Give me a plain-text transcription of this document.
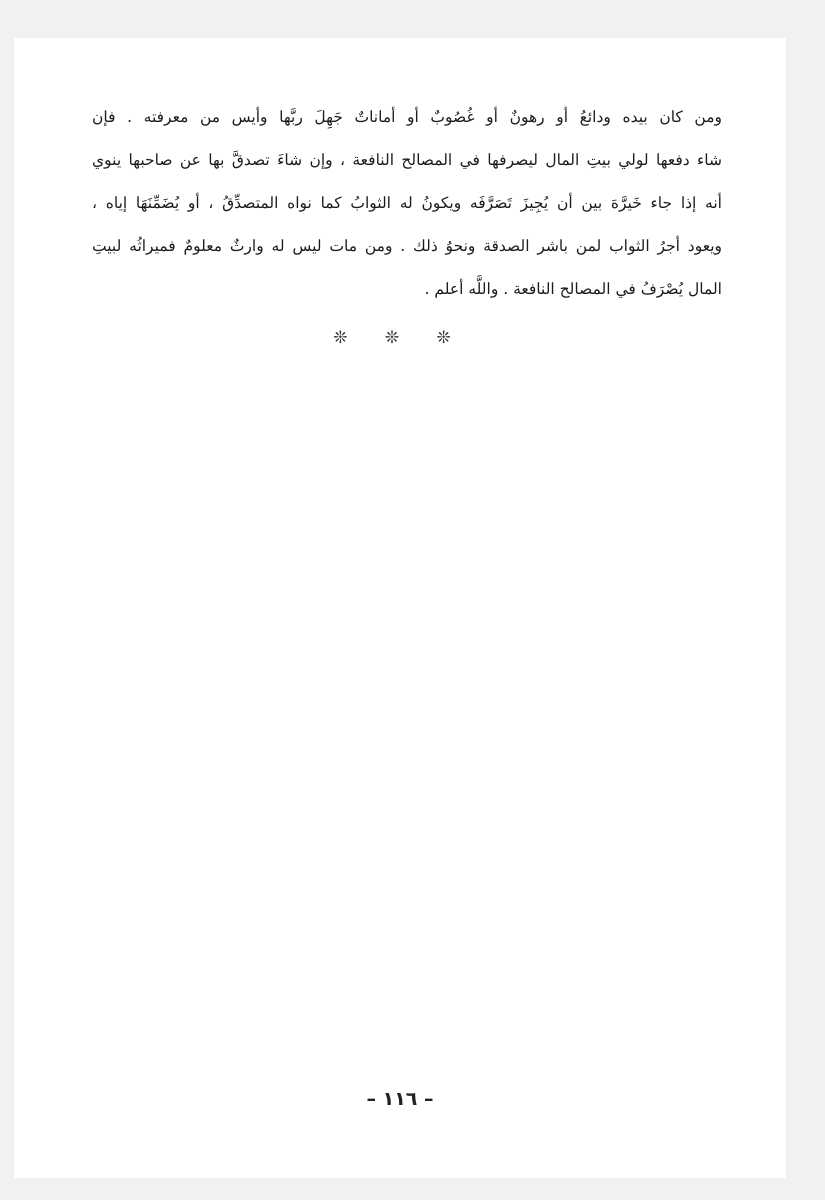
ومن كان بيده ودائعُ أو رهونٌ أو غُصُوبٌ أو أماناتٌ جَهِلَ ربَّها وأيس من معرفته . فإن
شاء دفعها لولي بيتِ المال ليصرفها في المصالح النافعة ، وإن شاءَ تصدقَّ بها عن صاحبها ينوي
أنه إذا جاء خَيرَّهَ بين أن يُجِيزَ تَصَرَّفَه ويكونُ له الثوابُ كما نواه المتصدِّقُ ، أو يُضَمِّنَهَا إياه ،
ويعود أجرُ الثواب لمن باشر الصدقة ونحوُ ذلك . ومن مات ليس له وارثٌ معلومٌ فميراثُه لبيتِ
المال يُصْرَفُ في المصالح النافعة . واللَّه أعلم .
❊ ❊ ❊
– ١١٦ –
